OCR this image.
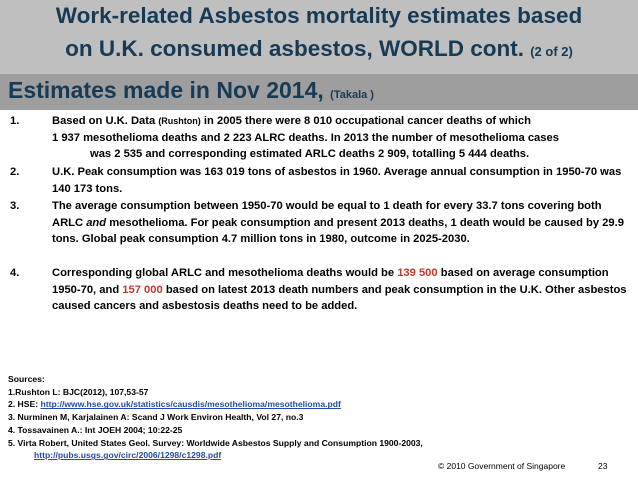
Work-related Asbestos mortality estimates based
on U.K. consumed asbestos, WORLD cont. (2 of 2)
Estimates made in Nov 2014, (Takala )
1.	Based on U.K. Data (Rushton) in 2005 there were 8 010 occupational cancer deaths of which
1 937 mesothelioma deaths and 2 223 ALRC deaths. In 2013 the number of mesothelioma cases
was 2 535 and corresponding estimated ARLC deaths 2 909, totalling 5 444 deaths.
2.	U.K. Peak consumption was 163 019 tons of asbestos in 1960. Average annual consumption in 1950-70 was 140 173 tons.
3.	The average consumption between 1950-70 would be equal to 1 death for every 33.7 tons covering both ARLC and mesothelioma. For peak consumption and present 2013 deaths, 1 death would be caused by 29.9 tons. Global peak consumption 4.7 million tons in 1980, outcome in 2025-2030.
4.	Corresponding global ARLC and mesothelioma deaths would be 139 500 based on average consumption 1950-70, and 157 000 based on latest 2013 death numbers and peak consumption in the U.K. Other asbestos caused cancers and asbestosis deaths need to be added.
Sources:
1.Rushton L: BJC(2012), 107,53-57
2. HSE: http://www.hse.gov.uk/statistics/causdis/mesothelioma/mesothelioma.pdf
3. Nurminen M, Karjalainen A: Scand J Work Environ Health, Vol 27, no.3
4. Tossavainen A.: Int JOEH 2004; 10:22-25
5. Virta Robert, United States Geol. Survey: Worldwide Asbestos Supply and Consumption 1900-2003,
http://pubs.usgs.gov/circ/2006/1298/c1298.pdf
© 2010 Government of Singapore	23
